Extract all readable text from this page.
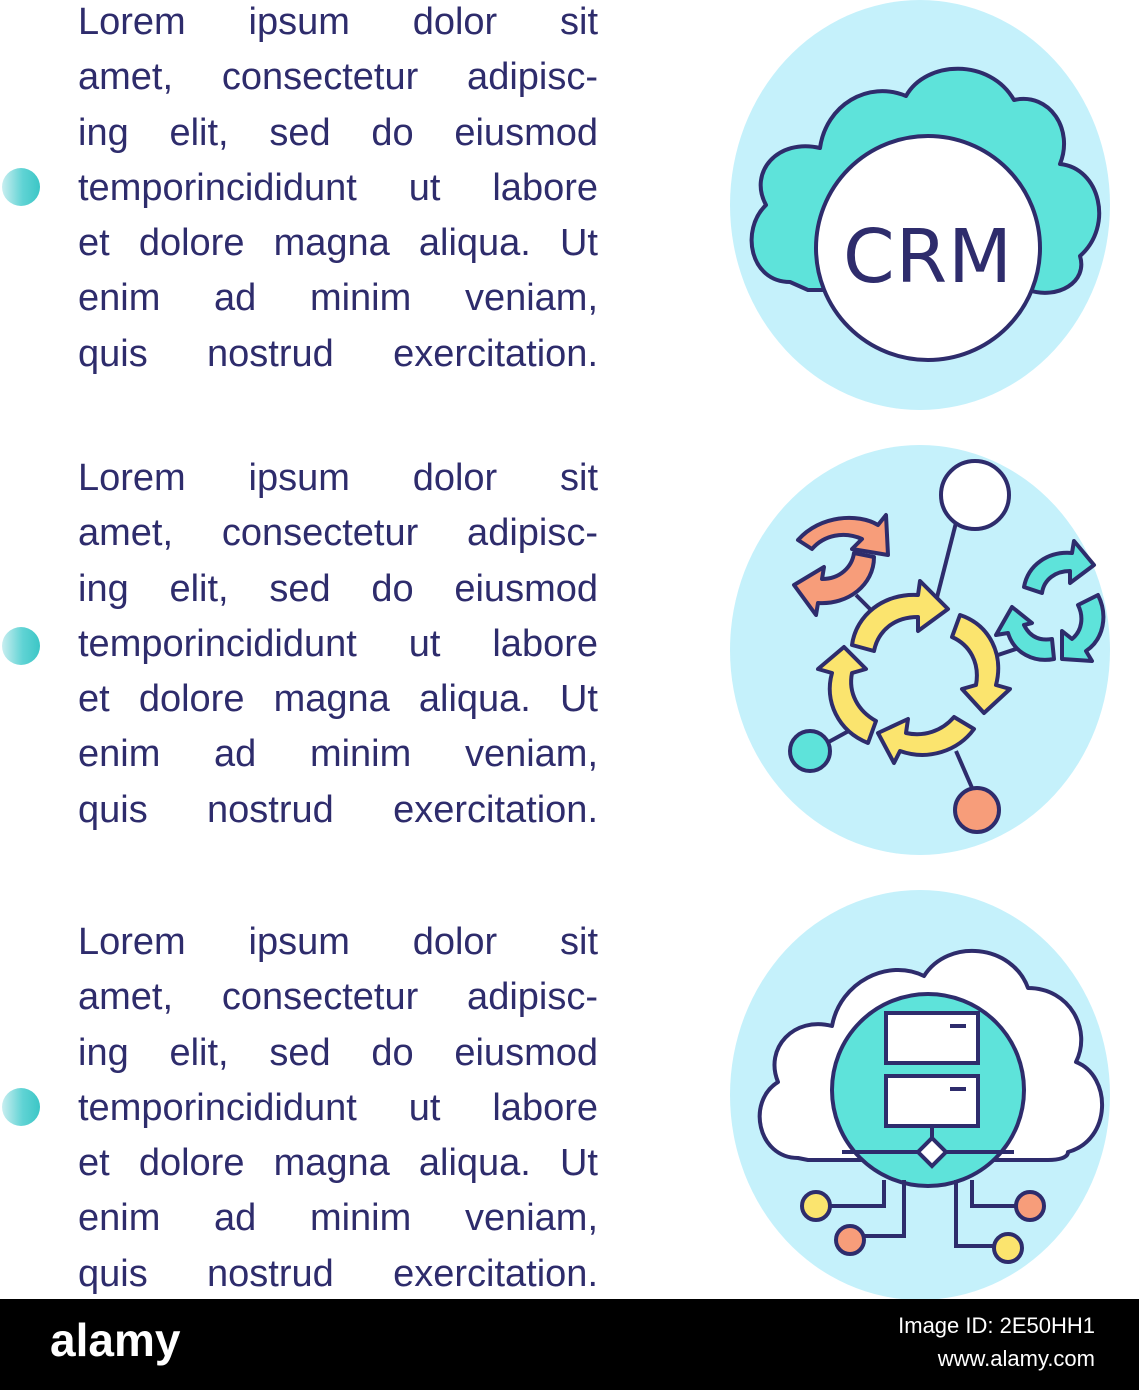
Lorem ipsum dolor sit
amet, consectetur adipisc-
ing elit, sed do eiusmod
temporincididunt ut labore
et dolore magna aliqua. Ut
enim ad minim veniam,
quis nostrud exercitation.

CRM

Lorem ipsum dolor sit
amet, consectetur adipisc-
ing elit, sed do eiusmod
temporincididunt ut labore
et dolore magna aliqua. Ut
enim ad minim veniam,
quis nostrud exercitation.

Lorem ipsum dolor sit
amet, consectetur adipisc-
ing elit, sed do eiusmod
temporincididunt ut labore
et dolore magna aliqua. Ut
enim ad minim veniam,
quis nostrud exercitation.

alamy	Image ID: 2E50HH1
www.alamy.com
